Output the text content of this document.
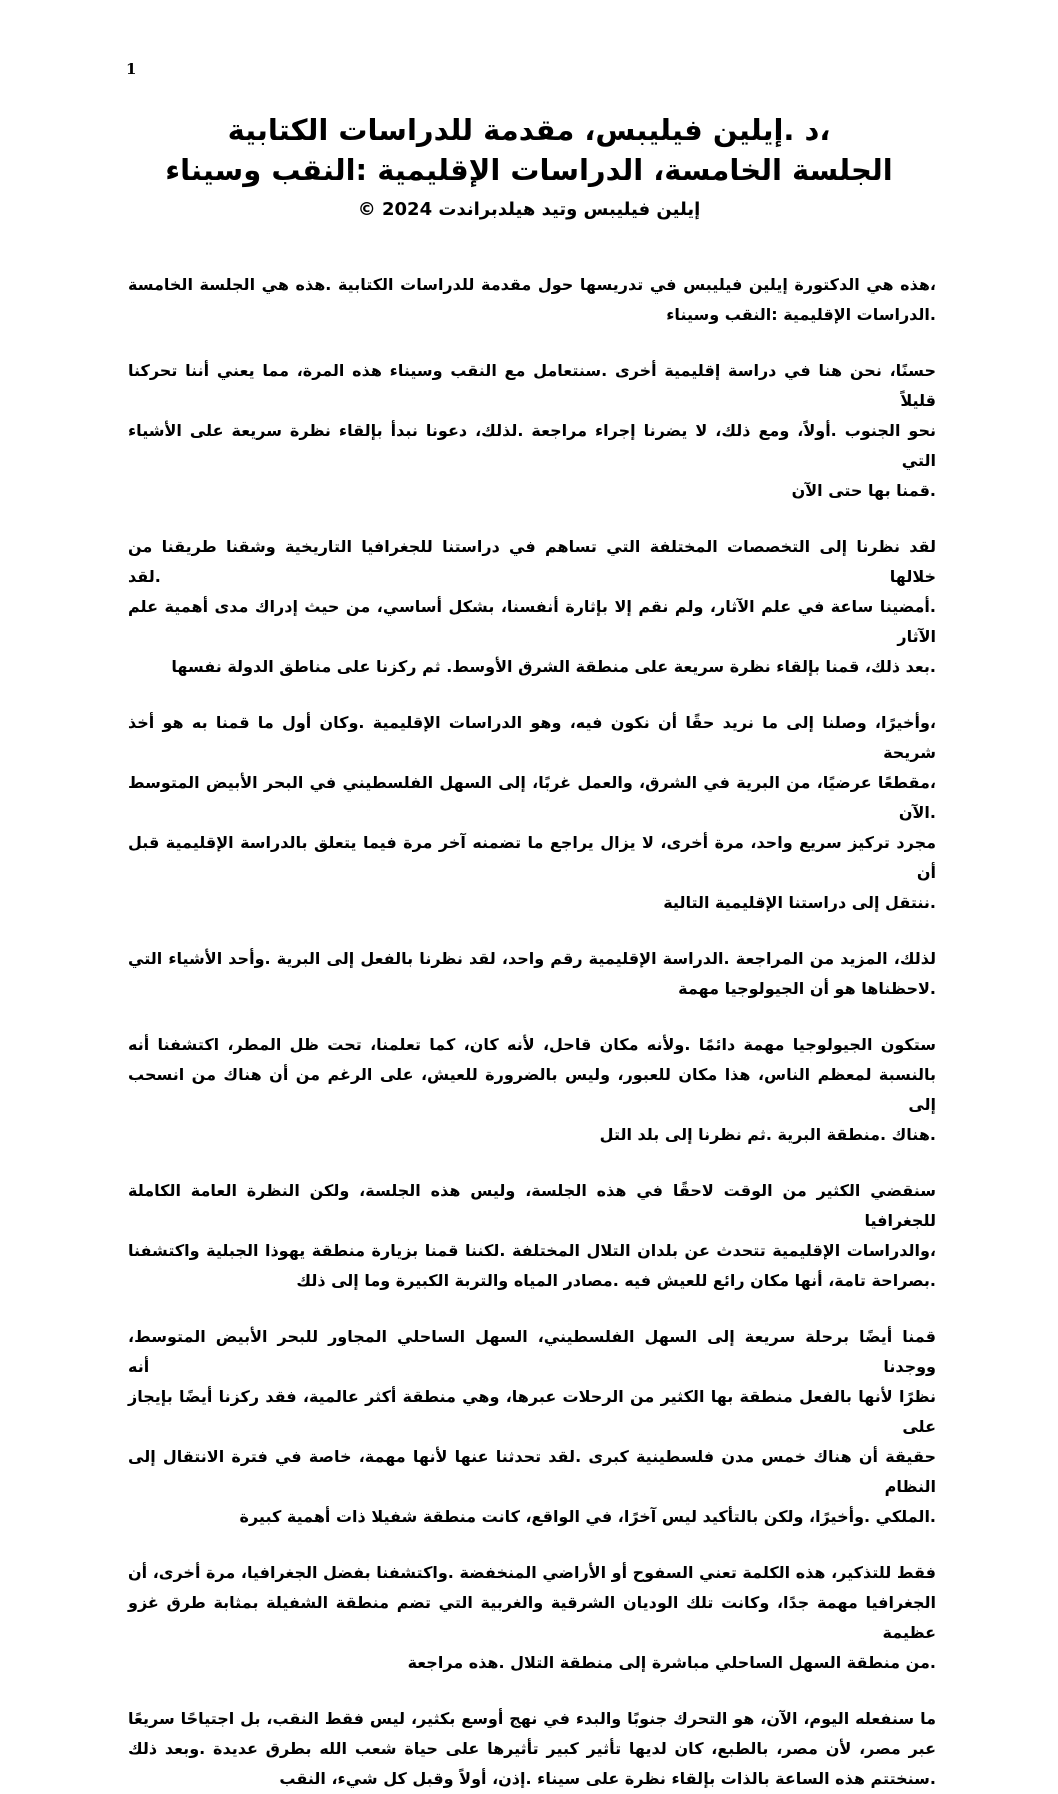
1
،د .إيلين فيليبس، مقدمة للدراسات الكتابية
الجلسة الخامسة، الدراسات الإقليمية :النقب وسيناء
إيلين فيليبس وتيد هيلدبراندت 2024 ©

،هذه هي الدكتورة إيلين فيليبس في تدريسها حول مقدمة للدراسات الكتابية .هذه هي الجلسة الخامسة
.الدراسات الإقليمية :النقب وسيناء

حسنًا، نحن هنا في دراسة إقليمية أخرى .سنتعامل مع النقب وسيناء هذه المرة، مما يعني أننا تحركنا قليلاً
نحو الجنوب .أولاً، ومع ذلك، لا يضرنا إجراء مراجعة .لذلك، دعونا نبدأ بإلقاء نظرة سريعة على الأشياء التي
.قمنا بها حتى الآن

لقد نظرنا إلى التخصصات المختلفة التي تساهم في دراستنا للجغرافيا التاريخية وشقنا طريقنا من خلالها .لقد
.أمضينا ساعة في علم الآثار، ولم نقم إلا بإثارة أنفسنا، بشكل أساسي، من حيث إدراك مدى أهمية علم الآثار
.بعد ذلك، قمنا بإلقاء نظرة سريعة على منطقة الشرق الأوسط. ثم ركزنا على مناطق الدولة نفسها

،وأخيرًا، وصلنا إلى ما نريد حقًا أن نكون فيه، وهو الدراسات الإقليمية .وكان أول ما قمنا به هو أخذ شريحة
،مقطعًا عرضيًا، من البرية في الشرق، والعمل غربًا، إلى السهل الفلسطيني في البحر الأبيض المتوسط .الآن
مجرد تركيز سريع واحد، مرة أخرى، لا يزال يراجع ما تضمنه آخر مرة فيما يتعلق بالدراسة الإقليمية قبل أن
.ننتقل إلى دراستنا الإقليمية التالية

لذلك، المزيد من المراجعة .الدراسة الإقليمية رقم واحد، لقد نظرنا بالفعل إلى البرية .وأحد الأشياء التي
.لاحظناها هو أن الجيولوجيا مهمة

ستكون الجيولوجيا مهمة دائمًا .ولأنه مكان قاحل، لأنه كان، كما تعلمنا، تحت ظل المطر، اكتشفنا أنه
بالنسبة لمعظم الناس، هذا مكان للعبور، وليس بالضرورة للعيش، على الرغم من أن هناك من انسحب إلى
.هناك .منطقة البرية .ثم نظرنا إلى بلد التل

سنقضي الكثير من الوقت لاحقًا في هذه الجلسة، وليس هذه الجلسة، ولكن النظرة العامة الكاملة للجغرافيا
،والدراسات الإقليمية تتحدث عن بلدان التلال المختلفة .لكننا قمنا بزيارة منطقة يهوذا الجبلية واكتشفنا
.بصراحة تامة، أنها مكان رائع للعيش فيه .مصادر المياه والتربة الكبيرة وما إلى ذلك

قمنا أيضًا برحلة سريعة إلى السهل الفلسطيني، السهل الساحلي المجاور للبحر الأبيض المتوسط، ووجدنا أنه
نظرًا لأنها بالفعل منطقة بها الكثير من الرحلات عبرها، وهي منطقة أكثر عالمية، فقد ركزنا أيضًا بإيجاز على
حقيقة أن هناك خمس مدن فلسطينية كبرى .لقد تحدثنا عنها لأنها مهمة، خاصة في فترة الانتقال إلى النظام
.الملكي .وأخيرًا، ولكن بالتأكيد ليس آخرًا، في الواقع، كانت منطقة شفيلا ذات أهمية كبيرة

فقط للتذكير، هذه الكلمة تعني السفوح أو الأراضي المنخفضة .واكتشفنا بفضل الجغرافيا، مرة أخرى، أن
الجغرافيا مهمة جدًا، وكانت تلك الوديان الشرقية والغربية التي تضم منطقة الشفيلة بمثابة طرق غزو عظيمة
.من منطقة السهل الساحلي مباشرة إلى منطقة التلال .هذه مراجعة

ما سنفعله اليوم، الآن، هو التحرك جنوبًا والبدء في نهج أوسع بكثير، ليس فقط النقب، بل اجتياحًا سريعًا
عبر مصر، لأن مصر، بالطبع، كان لديها تأثير كبير تأثيرها على حياة شعب الله بطرق عديدة .وبعد ذلك
.سنختتم هذه الساعة بالذات بإلقاء نظرة على سيناء .إذن، أولاً وقبل كل شيء، النقب
